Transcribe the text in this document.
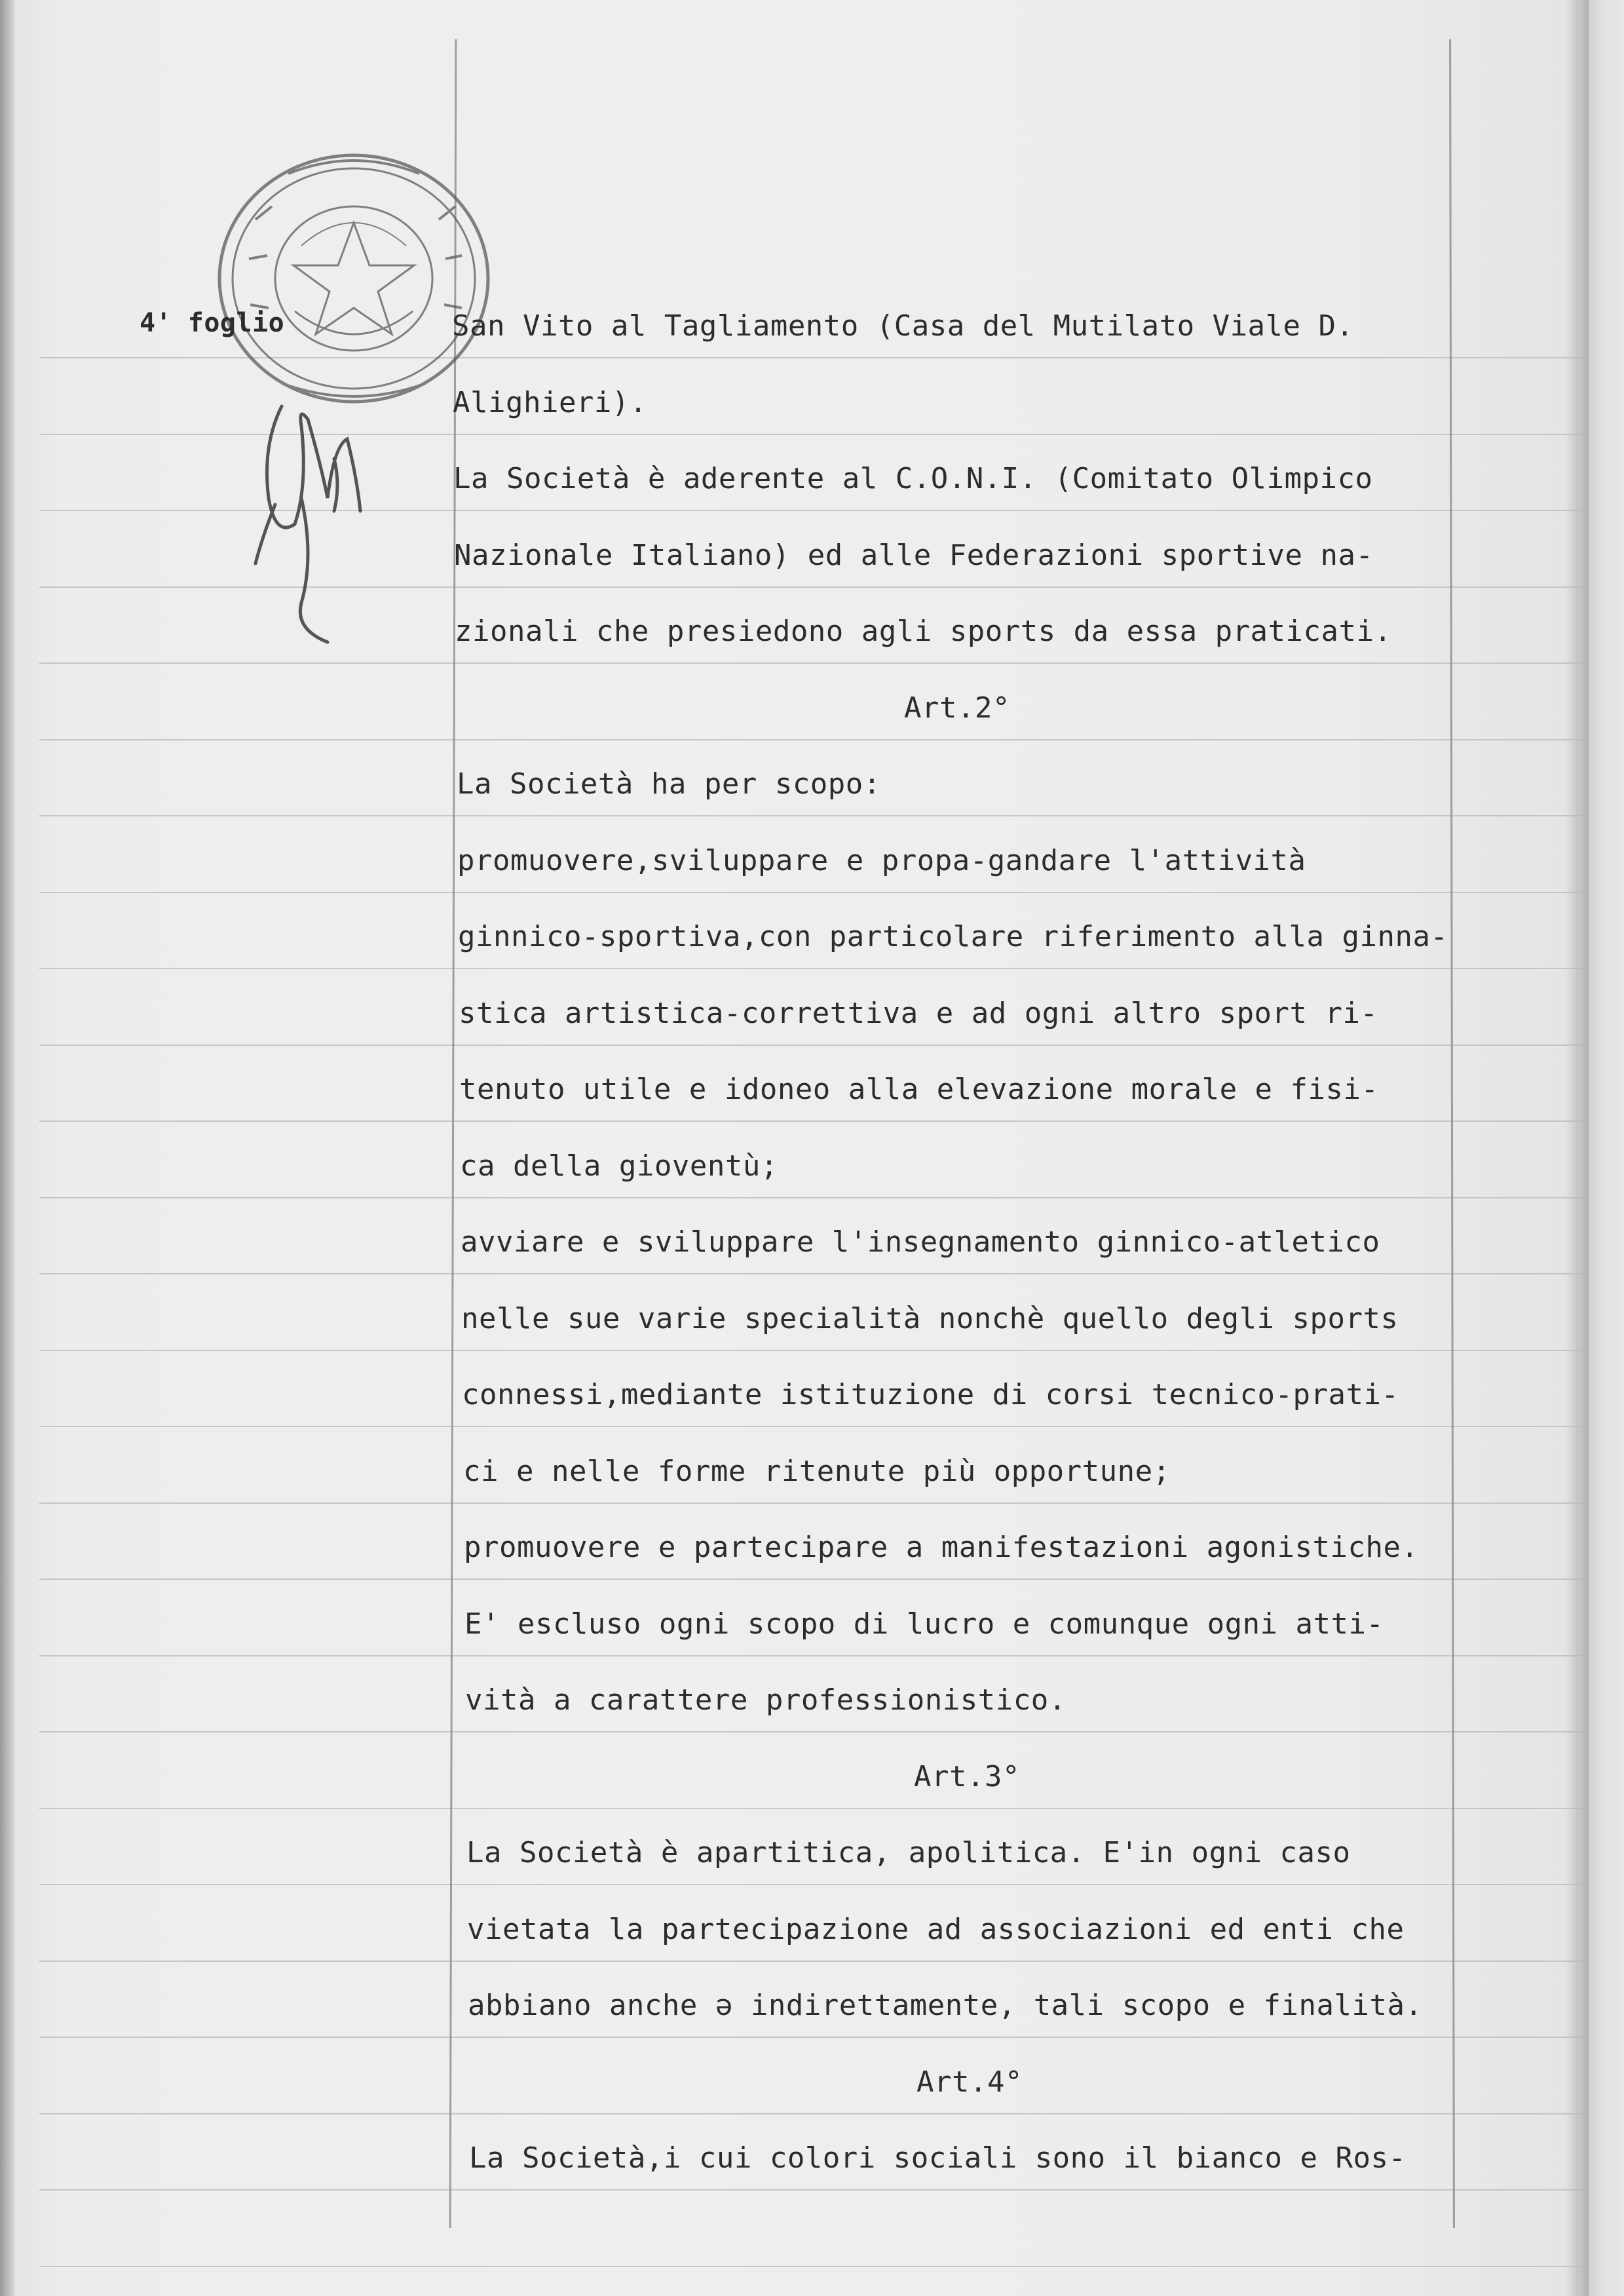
4' foglio	San Vito al Tagliamento (Casa del Mutilato Viale D.
Alighieri).
La Società è aderente al C.O.N.I. (Comitato Olimpico
Nazionale Italiano) ed alle Federazioni sportive na-
zionali che presiedono agli sports da essa praticati.
Art.2°
La Società ha per scopo:
promuovere,sviluppare e propa-gandare l'attività
ginnico-sportiva,con particolare riferimento alla ginna-
stica artistica-correttiva e ad ogni altro sport ri-
tenuto utile e idoneo alla elevazione morale e fisi-
ca della gioventù;
avviare e sviluppare l'insegnamento ginnico-atletico
nelle sue varie specialità nonchè quello degli sports
connessi,mediante istituzione di corsi tecnico-prati-
ci e nelle forme ritenute più opportune;
promuovere e partecipare a manifestazioni agonistiche.
E' escluso ogni scopo di lucro e comunque ogni atti-
vità a carattere professionistico.
Art.3°
La Società è apartitica, apolitica. E'in ogni caso
vietata la partecipazione ad associazioni ed enti che
abbiano anche ə indirettamente, tali scopo e finalità.
Art.4°
La Società,i cui colori sociali sono il bianco e Ros-
